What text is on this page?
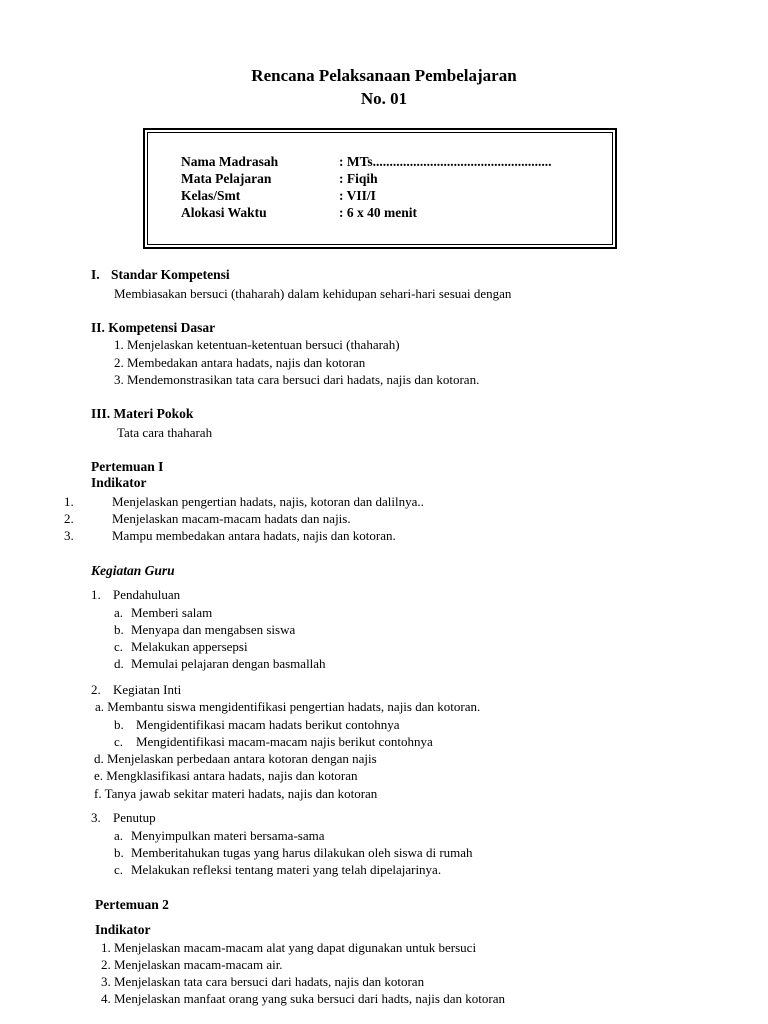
Rencana Pelaksanaan Pembelajaran
No. 01
Nama Madrasah	: MTs.....................................................
Mata Pelajaran	: Fiqih
Kelas/Smt	: VII/I
Alokasi Waktu	: 6 x 40 menit
I. Standar Kompetensi
Membiasakan bersuci (thaharah) dalam kehidupan sehari-hari sesuai dengan
II. Kompetensi Dasar
1. Menjelaskan ketentuan-ketentuan bersuci (thaharah)
2. Membedakan antara hadats, najis dan kotoran
3. Mendemonstrasikan tata cara bersuci dari hadats, najis dan kotoran.
III. Materi Pokok
Tata cara thaharah
Pertemuan I
Indikator
1.	Menjelaskan pengertian hadats, najis, kotoran dan dalilnya..
2.	Menjelaskan macam-macam hadats dan najis.
3.	Mampu membedakan antara hadats, najis dan kotoran.
Kegiatan Guru
1. Pendahuluan
a. Memberi salam
b. Menyapa dan mengabsen siswa
c. Melakukan appersepsi
d. Memulai pelajaran dengan basmallah
2. Kegiatan Inti
a. Membantu siswa mengidentifikasi pengertian hadats, najis dan kotoran.
b. Mengidentifikasi macam hadats berikut contohnya
c. Mengidentifikasi macam-macam najis berikut contohnya
d. Menjelaskan perbedaan antara kotoran dengan najis
e. Mengklasifikasi antara hadats, najis dan kotoran
f. Tanya jawab sekitar materi hadats, najis dan kotoran
3. Penutup
a. Menyimpulkan materi bersama-sama
b. Memberitahukan tugas yang harus dilakukan oleh siswa di rumah
c. Melakukan refleksi tentang materi yang telah dipelajarinya.
Pertemuan 2
Indikator
1. Menjelaskan macam-macam alat yang dapat digunakan untuk bersuci
2. Menjelaskan macam-macam air.
3. Menjelaskan tata cara bersuci dari hadats, najis dan kotoran
4. Menjelaskan manfaat orang yang suka bersuci dari hadts, najis dan kotoran
